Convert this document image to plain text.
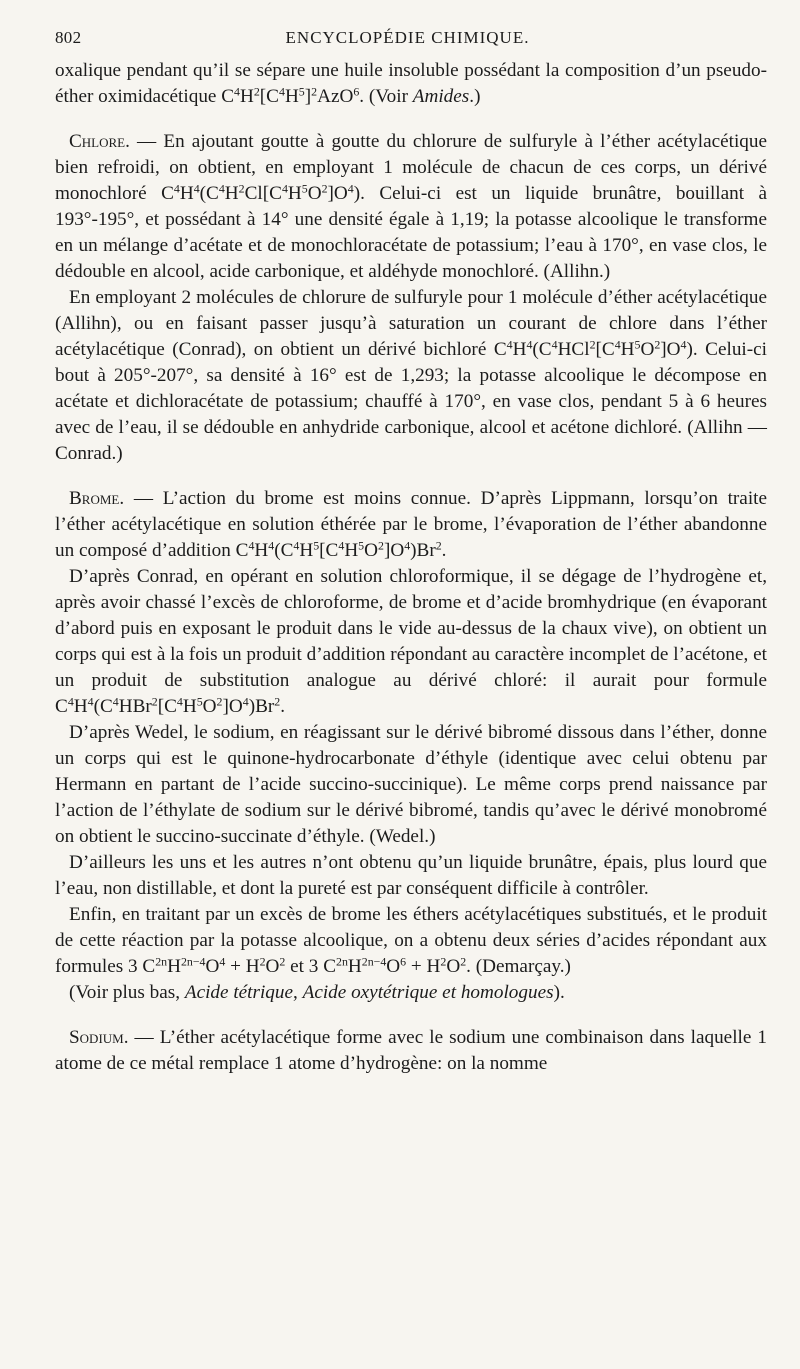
802	ENCYCLOPÉDIE CHIMIQUE.

oxalique pendant qu’il se sépare une huile insoluble possédant la composition d’un pseudo-éther oximidacétique $C^4H^2[C^4H^5]^2AzO^6$. (Voir Amides.)

Chlore. — En ajoutant goutte à goutte du chlorure de sulfuryle à l’éther acétylacétique bien refroidi, on obtient, en employant 1 molécule de chacun de ces corps, un dérivé monochloré $C^4H^4(C^4H^2Cl[C^4H^5O^2]O^4)$. Celui-ci est un liquide brunâtre, bouillant à 193°-195°, et possédant à 14° une densité égale à 1,19; la potasse alcoolique le transforme en un mélange d’acétate et de monochloracétate de potassium; l’eau à 170°, en vase clos, le dédouble en alcool, acide carbonique, et aldéhyde monochloré. (Allihn.)

En employant 2 molécules de chlorure de sulfuryle pour 1 molécule d’éther acétylacétique (Allihn), ou en faisant passer jusqu’à saturation un courant de chlore dans l’éther acétylacétique (Conrad), on obtient un dérivé bichloré $C^4H^4(C^4HCl^2[C^4H^5O^2]O^4)$. Celui-ci bout à 205°-207°, sa densité à 16° est de 1,293; la potasse alcoolique le décompose en acétate et dichloracétate de potassium; chauffé à 170°, en vase clos, pendant 5 à 6 heures avec de l’eau, il se dédouble en anhydride carbonique, alcool et acétone dichloré. (Allihn — Conrad.)

Brome. — L’action du brome est moins connue. D’après Lippmann, lorsqu’on traite l’éther acétylacétique en solution éthérée par le brome, l’évaporation de l’éther abandonne un composé d’addition $C^4H^4(C^4H^5[C^4H^5O^2]O^4)Br^2$.

D’après Conrad, en opérant en solution chloroformique, il se dégage de l’hydrogène et, après avoir chassé l’excès de chloroforme, de brome et d’acide bromhydrique (en évaporant d’abord puis en exposant le produit dans le vide au-dessus de la chaux vive), on obtient un corps qui est à la fois un produit d’addition répondant au caractère incomplet de l’acétone, et un produit de substitution analogue au dérivé chloré: il aurait pour formule $C^4H^4(C^4HBr^2[C^4H^5O^2]O^4)Br^2$.

D’après Wedel, le sodium, en réagissant sur le dérivé bibromé dissous dans l’éther, donne un corps qui est le quinone-hydrocarbonate d’éthyle (identique avec celui obtenu par Hermann en partant de l’acide succino-succinique). Le même corps prend naissance par l’action de l’éthylate de sodium sur le dérivé bibromé, tandis qu’avec le dérivé monobromé on obtient le succino-succinate d’éthyle. (Wedel.)

D’ailleurs les uns et les autres n’ont obtenu qu’un liquide brunâtre, épais, plus lourd que l’eau, non distillable, et dont la pureté est par conséquent difficile à contrôler.

Enfin, en traitant par un excès de brome les éthers acétylacétiques substitués, et le produit de cette réaction par la potasse alcoolique, on a obtenu deux séries d’acides répondant aux formules 3 $C^{2n}H^{2n-4}O^4 + H^2O^2$ et 3 $C^{2n}H^{2n-4}O^6 + H^2O^2$. (Demarçay.)

(Voir plus bas, Acide tétrique, Acide oxytétrique et homologues).

Sodium. — L’éther acétylacétique forme avec le sodium une combinaison dans laquelle 1 atome de ce métal remplace 1 atome d’hydrogène: on la nomme
